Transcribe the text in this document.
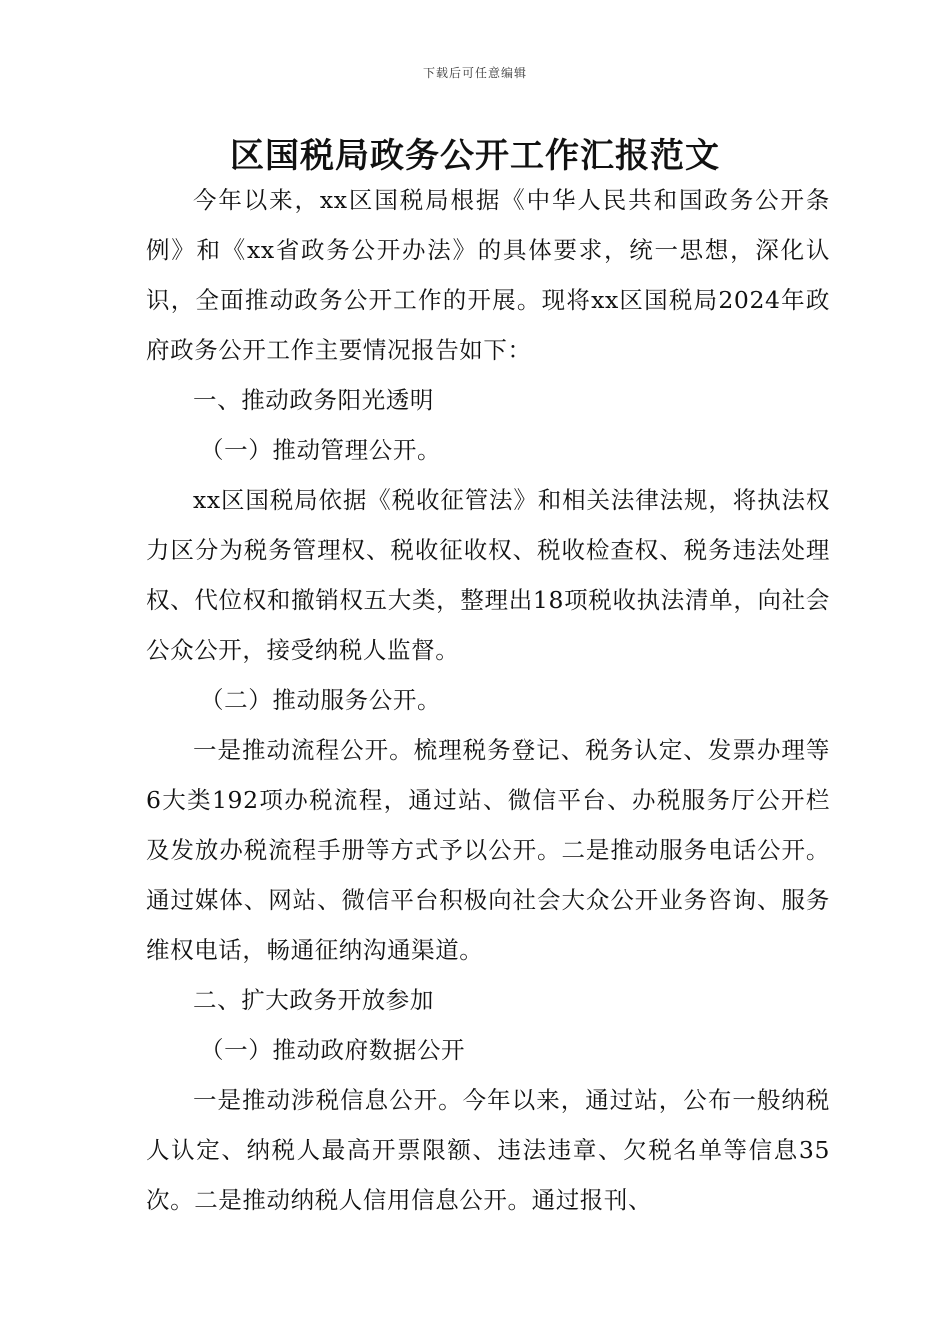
下载后可任意编辑
区国税局政务公开工作汇报范文

今年以来，xx区国税局根据《中华人民共和国政务公开条例》和《xx省政务公开办法》的具体要求，统一思想，深化认识，全面推动政务公开工作的开展。现将xx区国税局2024年政府政务公开工作主要情况报告如下：

一、推动政务阳光透明

（一）推动管理公开。

xx区国税局依据《税收征管法》和相关法律法规，将执法权力区分为税务管理权、税收征收权、税收检查权、税务违法处理权、代位权和撤销权五大类，整理出18项税收执法清单，向社会公众公开，接受纳税人监督。

（二）推动服务公开。

一是推动流程公开。梳理税务登记、税务认定、发票办理等6大类192项办税流程，通过站、微信平台、办税服务厅公开栏及发放办税流程手册等方式予以公开。二是推动服务电话公开。通过媒体、网站、微信平台积极向社会大众公开业务咨询、服务维权电话，畅通征纳沟通渠道。

二、扩大政务开放参加

（一）推动政府数据公开

一是推动涉税信息公开。今年以来，通过站，公布一般纳税人认定、纳税人最高开票限额、违法违章、欠税名单等信息35次。二是推动纳税人信用信息公开。通过报刊、
